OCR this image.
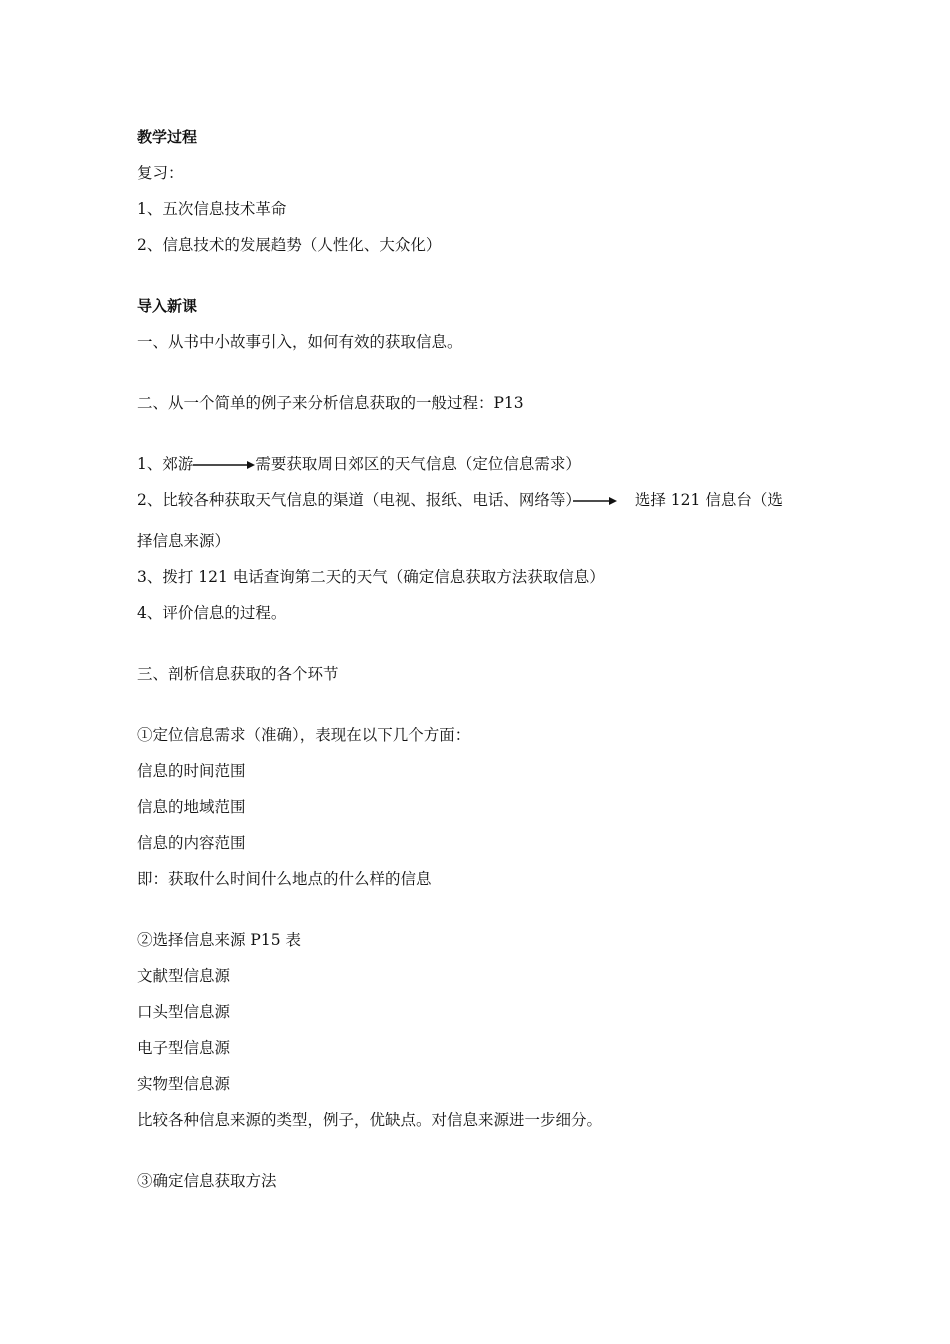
教学过程

复习：

1、五次信息技术革命

2、信息技术的发展趋势（人性化、大众化）

导入新课

一、从书中小故事引入，如何有效的获取信息。

二、从一个简单的例子来分析信息获取的一般过程：P13

1、郊游	需要获取周日郊区的天气信息（定位信息需求）

2、比较各种获取天气信息的渠道（电视、报纸、电话、网络等）	选择 121 信息台（选

择信息来源）

3、拨打 121 电话查询第二天的天气（确定信息获取方法获取信息）

4、评价信息的过程。

三、剖析信息获取的各个环节

①定位信息需求（准确），表现在以下几个方面：

信息的时间范围

信息的地域范围

信息的内容范围

即：获取什么时间什么地点的什么样的信息

②选择信息来源 P15 表

文献型信息源

口头型信息源

电子型信息源

实物型信息源

比较各种信息来源的类型，例子，优缺点。对信息来源进一步细分。

③确定信息获取方法
